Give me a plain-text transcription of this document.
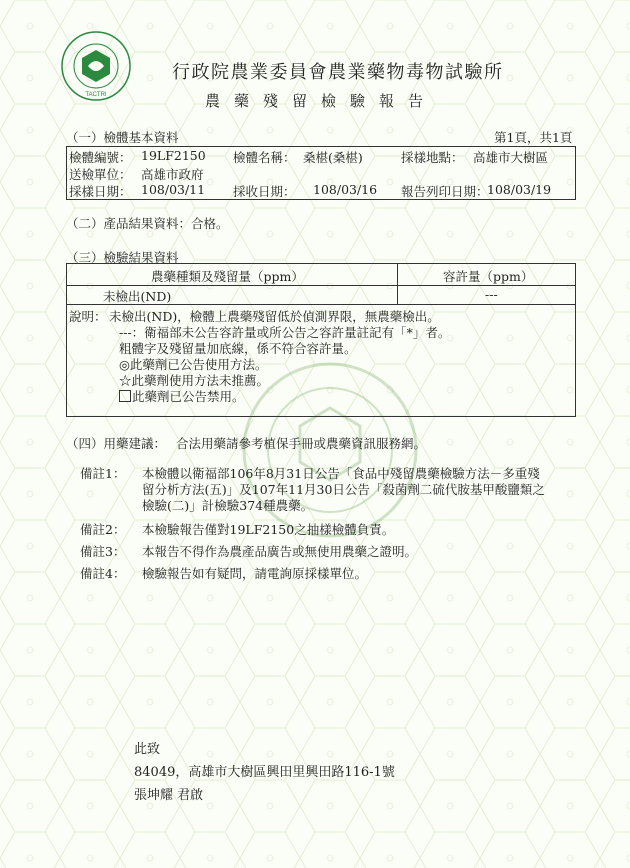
TACTRI
行政院農業委員會農業藥物毒物試驗所
農藥殘留檢驗報告
（一）檢體基本資料	第1頁，共1頁
檢體編號： 19LF2150 檢體名稱： 桑椹(桑椹)	採樣地點： 高雄市大樹區
送檢單位： 高雄市政府
採樣日期： 108/03/11 採收日期： 108/03/16 報告列印日期：
108/03/19
（二）產品結果資料：合格。
（三）檢驗結果資料
農藥種類及殘留量（ppm）	容許量（ppm）
未檢出(ND)	---
說明： 未檢出(ND)，檢體上農藥殘留低於偵測界限，無農藥檢出。
---：衛福部未公告容許量或所公告之容許量註記有「*」者。
粗體字及殘留量加底線，係不符合容許量。
◎此藥劑已公告使用方法。
☆此藥劑使用方法未推薦。
此藥劑已公告禁用。
（四）用藥建議： 合法用藥請參考植保手冊或農藥資訊服務網。
備註1： 本檢體以衛福部106年8月31日公告「食品中殘留農藥檢驗方法－多重殘
留分析方法(五)」及107年11月30日公告「殺菌劑二硫代胺基甲酸鹽類之
檢驗(二)」計檢驗374種農藥。
備註2： 本檢驗報告僅對19LF2150之抽樣檢體負責。
備註3： 本報告不得作為農產品廣告或無使用農藥之證明。
備註4： 檢驗報告如有疑問，請電詢原採樣單位。
此致
84049，高雄市大樹區興田里興田路116-1號
張坤耀 君啟
